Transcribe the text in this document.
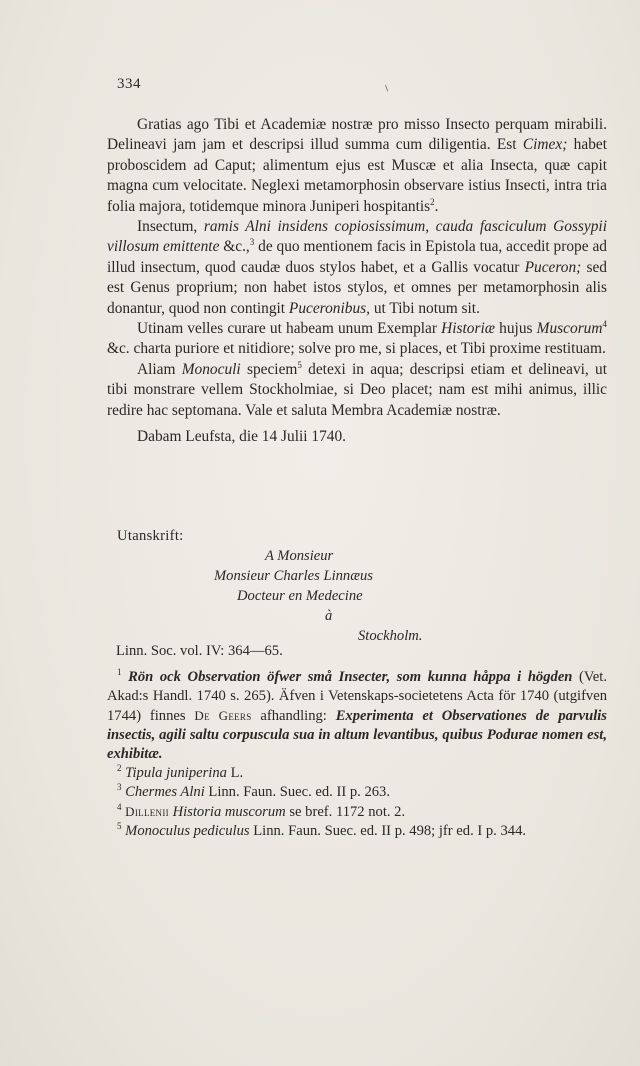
334

Gratias ago Tibi et Academiæ nostræ pro misso Insecto perquam mirabili. Delineavi jam jam et descripsi illud summa cum diligentia. Est Cimex; habet proboscidem ad Caput; alimentum ejus est Muscæ et alia Insecta, quæ capit magna cum velocitate. Neglexi metamorphosin observare istius Insecti, intra tria folia majora, totidemque minora Juniperi hospitantis$^2$.

Insectum, ramis Alni insidens copiosissimum, cauda fasciculum Gossypii villosum emittente &c.,$^3$ de quo mentionem facis in Epistola tua, accedit prope ad illud insectum, quod caudæ duos stylos habet, et a Gallis vocatur Puceron; sed est Genus proprium; non habet istos stylos, et omnes per metamorphosin alis donantur, quod non contingit Puceronibus, ut Tibi notum sit.

Utinam velles curare ut habeam unum Exemplar Historiæ hujus Muscorum$^4$ &c. charta puriore et nitidiore; solve pro me, si places, et Tibi proxime restituam.

Aliam Monoculi speciem$^5$ detexi in aqua; descripsi etiam et delineavi, ut tibi monstrare vellem Stockholmiae, si Deo placet; nam est mihi animus, illic redire hac septomana. Vale et saluta Membra Academiæ nostræ.

Dabam Leufsta, die 14 Julii 1740.

Utanskrift:
A Monsieur
Monsieur Charles Linnæus
Docteur en Medecine
à
Stockholm.
Linn. Soc. vol. IV: 364—65.

$^1$ Rön ock Observation öfwer små Insecter, som kunna håppa i högden (Vet. Akad:s Handl. 1740 s. 265). Äfven i Vetenskaps-societetens Acta för 1740 (utgifven 1744) finnes De Geers afhandling: Experimenta et Observationes de parvulis insectis, agili saltu corpuscula sua in altum levantibus, quibus Podurae nomen est, exhibitæ.

$^2$ Tipula juniperina L.

$^3$ Chermes Alni Linn. Faun. Suec. ed. II p. 263.

$^4$ Dillenii Historia muscorum se bref. 1172 not. 2.

$^5$ Monoculus pediculus Linn. Faun. Suec. ed. II p. 498; jfr ed. I p. 344.
